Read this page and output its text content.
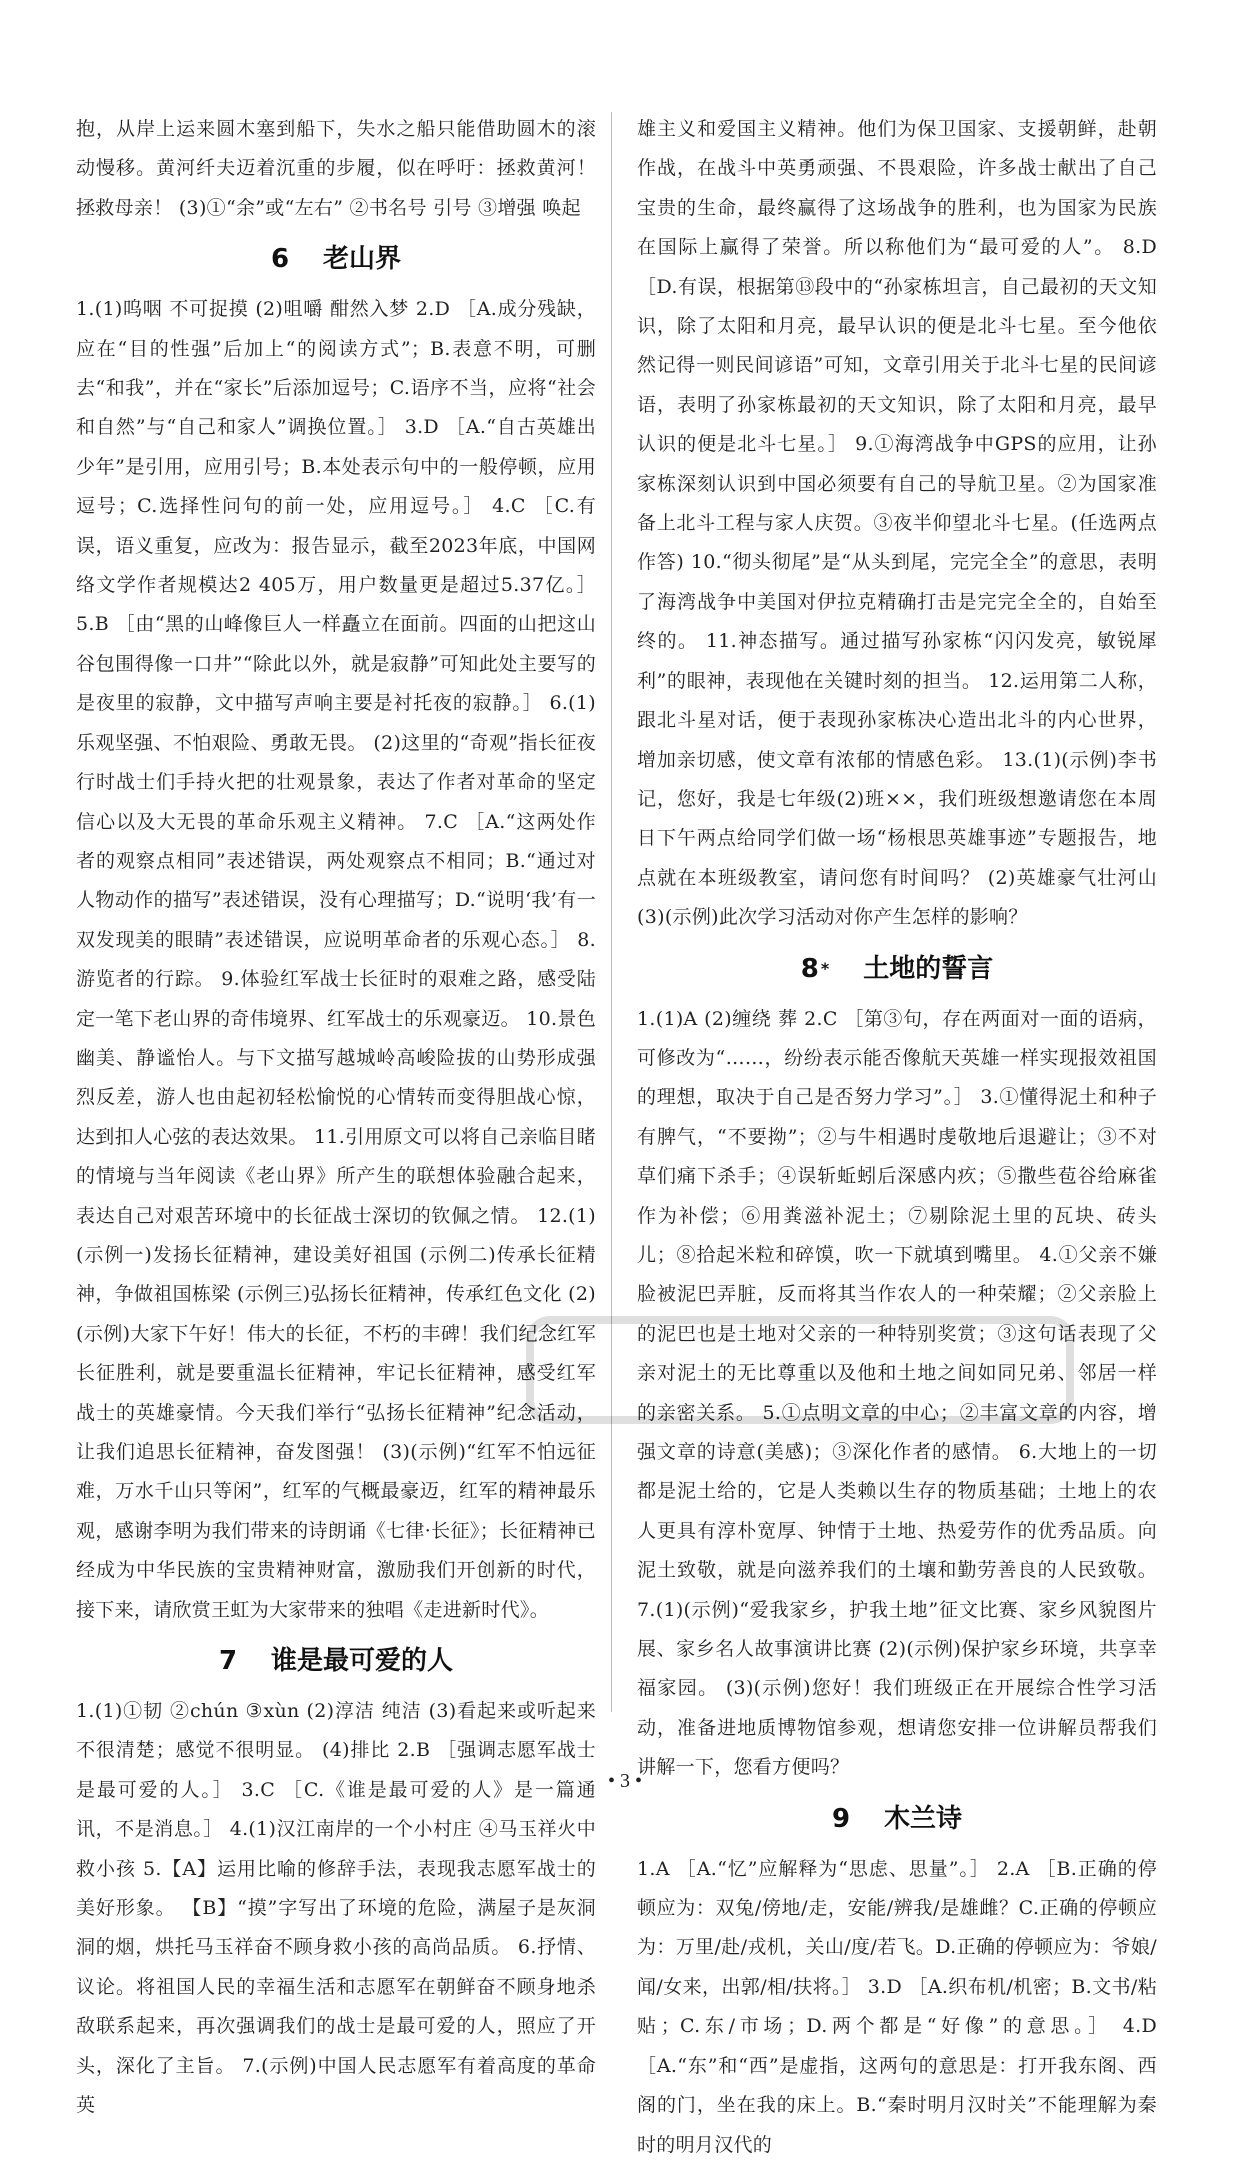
抱，从岸上运来圆木塞到船下，失水之船只能借助圆木的滚动慢移。黄河纤夫迈着沉重的步履，似在呼吁：拯救黄河！拯救母亲！ (3)①“余”或“左右” ②书名号 引号 ③增强 唤起

6 老山界

1.(1)呜咽 不可捉摸 (2)咀嚼 酣然入梦 2.D ［A.成分残缺，应在“目的性强”后加上“的阅读方式”；B.表意不明，可删去“和我”，并在“家长”后添加逗号；C.语序不当，应将“社会和自然”与“自己和家人”调换位置。］ 3.D ［A.“自古英雄出少年”是引用，应用引号；B.本处表示句中的一般停顿，应用逗号；C.选择性问句的前一处，应用逗号。］ 4.C ［C.有误，语义重复，应改为：报告显示，截至2023年底，中国网络文学作者规模达2 405万，用户数量更是超过5.37亿。］ 5.B ［由“黑的山峰像巨人一样矗立在面前。四面的山把这山谷包围得像一口井”“除此以外，就是寂静”可知此处主要写的是夜里的寂静，文中描写声响主要是衬托夜的寂静。］ 6.(1)乐观坚强、不怕艰险、勇敢无畏。 (2)这里的“奇观”指长征夜行时战士们手持火把的壮观景象，表达了作者对革命的坚定信心以及大无畏的革命乐观主义精神。 7.C ［A.“这两处作者的观察点相同”表述错误，两处观察点不相同；B.“通过对人物动作的描写”表述错误，没有心理描写；D.“说明‘我’有一双发现美的眼睛”表述错误，应说明革命者的乐观心态。］ 8.游览者的行踪。 9.体验红军战士长征时的艰难之路，感受陆定一笔下老山界的奇伟境界、红军战士的乐观豪迈。 10.景色幽美、静谧怡人。与下文描写越城岭高峻险拔的山势形成强烈反差，游人也由起初轻松愉悦的心情转而变得胆战心惊，达到扣人心弦的表达效果。 11.引用原文可以将自己亲临目睹的情境与当年阅读《老山界》所产生的联想体验融合起来，表达自己对艰苦环境中的长征战士深切的钦佩之情。 12.(1)(示例一)发扬长征精神，建设美好祖国 (示例二)传承长征精神，争做祖国栋梁 (示例三)弘扬长征精神，传承红色文化 (2)(示例)大家下午好！伟大的长征，不朽的丰碑！我们纪念红军长征胜利，就是要重温长征精神，牢记长征精神，感受红军战士的英雄豪情。今天我们举行“弘扬长征精神”纪念活动，让我们追思长征精神，奋发图强！ (3)(示例)“红军不怕远征难，万水千山只等闲”，红军的气概最豪迈，红军的精神最乐观，感谢李明为我们带来的诗朗诵《七律·长征》；长征精神已经成为中华民族的宝贵精神财富，激励我们开创新的时代，接下来，请欣赏王虹为大家带来的独唱《走进新时代》。

7 谁是最可爱的人

1.(1)①韧 ②chún ③xùn (2)淳洁 纯洁 (3)看起来或听起来不很清楚；感觉不很明显。 (4)排比 2.B ［强调志愿军战士是最可爱的人。］ 3.C ［C.《谁是最可爱的人》是一篇通讯，不是消息。］ 4.(1)汉江南岸的一个小村庄 ④马玉祥火中救小孩 5.【A】运用比喻的修辞手法，表现我志愿军战士的美好形象。 【B】“摸”字写出了环境的危险，满屋子是灰洞洞的烟，烘托马玉祥奋不顾身救小孩的高尚品质。 6.抒情、议论。将祖国人民的幸福生活和志愿军在朝鲜奋不顾身地杀敌联系起来，再次强调我们的战士是最可爱的人，照应了开头，深化了主旨。 7.(示例)中国人民志愿军有着高度的革命英

雄主义和爱国主义精神。他们为保卫国家、支援朝鲜，赴朝作战，在战斗中英勇顽强、不畏艰险，许多战士献出了自己宝贵的生命，最终赢得了这场战争的胜利，也为国家为民族在国际上赢得了荣誉。所以称他们为“最可爱的人”。 8.D ［D.有误，根据第⑬段中的“孙家栋坦言，自己最初的天文知识，除了太阳和月亮，最早认识的便是北斗七星。至今他依然记得一则民间谚语”可知，文章引用关于北斗七星的民间谚语，表明了孙家栋最初的天文知识，除了太阳和月亮，最早认识的便是北斗七星。］ 9.①海湾战争中GPS的应用，让孙家栋深刻认识到中国必须要有自己的导航卫星。②为国家准备上北斗工程与家人庆贺。③夜半仰望北斗七星。(任选两点作答) 10.“彻头彻尾”是“从头到尾，完完全全”的意思，表明了海湾战争中美国对伊拉克精确打击是完完全全的，自始至终的。 11.神态描写。通过描写孙家栋“闪闪发亮，敏锐犀利”的眼神，表现他在关键时刻的担当。 12.运用第二人称，跟北斗星对话，便于表现孙家栋决心造出北斗的内心世界，增加亲切感，使文章有浓郁的情感色彩。 13.(1)(示例)李书记，您好，我是七年级(2)班××，我们班级想邀请您在本周日下午两点给同学们做一场“杨根思英雄事迹”专题报告，地点就在本班级教室，请问您有时间吗？ (2)英雄豪气壮河山 (3)(示例)此次学习活动对你产生怎样的影响？

8 * 土地的誓言

1.(1)A (2)缠绕 葬 2.C ［第③句，存在两面对一面的语病，可修改为“……，纷纷表示能否像航天英雄一样实现报效祖国的理想，取决于自己是否努力学习”。］ 3.①懂得泥土和种子有脾气，“不要拗”；②与牛相遇时虔敬地后退避让；③不对草们痛下杀手；④误斩蚯蚓后深感内疚；⑤撒些苞谷给麻雀作为补偿；⑥用粪滋补泥土；⑦剔除泥土里的瓦块、砖头儿；⑧拾起米粒和碎馍，吹一下就填到嘴里。 4.①父亲不嫌脸被泥巴弄脏，反而将其当作农人的一种荣耀；②父亲脸上的泥巴也是土地对父亲的一种特别奖赏；③这句话表现了父亲对泥土的无比尊重以及他和土地之间如同兄弟、邻居一样的亲密关系。 5.①点明文章的中心；②丰富文章的内容，增强文章的诗意(美感)；③深化作者的感情。 6.大地上的一切都是泥土给的，它是人类赖以生存的物质基础；土地上的农人更具有淳朴宽厚、钟情于土地、热爱劳作的优秀品质。向泥土致敬，就是向滋养我们的土壤和勤劳善良的人民致敬。 7.(1)(示例)“爱我家乡，护我土地”征文比赛、家乡风貌图片展、家乡名人故事演讲比赛 (2)(示例)保护家乡环境，共享幸福家园。 (3)(示例)您好！我们班级正在开展综合性学习活动，准备进地质博物馆参观，想请您安排一位讲解员帮我们讲解一下，您看方便吗？

9 木兰诗

1.A ［A.“忆”应解释为“思虑、思量”。］ 2.A ［B.正确的停顿应为：双兔/傍地/走，安能/辨我/是雄雌？C.正确的停顿应为：万里/赴/戎机，关山/度/若飞。D.正确的停顿应为：爷娘/闻/女来，出郭/相/扶将。］ 3.D ［A.织布机/机密；B.文书/粘贴；C.东/市场；D.两个都是“好像”的意思。］ 4.D ［A.“东”和“西”是虚指，这两句的意思是：打开我东阁、西阁的门，坐在我的床上。B.“秦时明月汉时关”不能理解为秦时的明月汉代的

• 3 •
